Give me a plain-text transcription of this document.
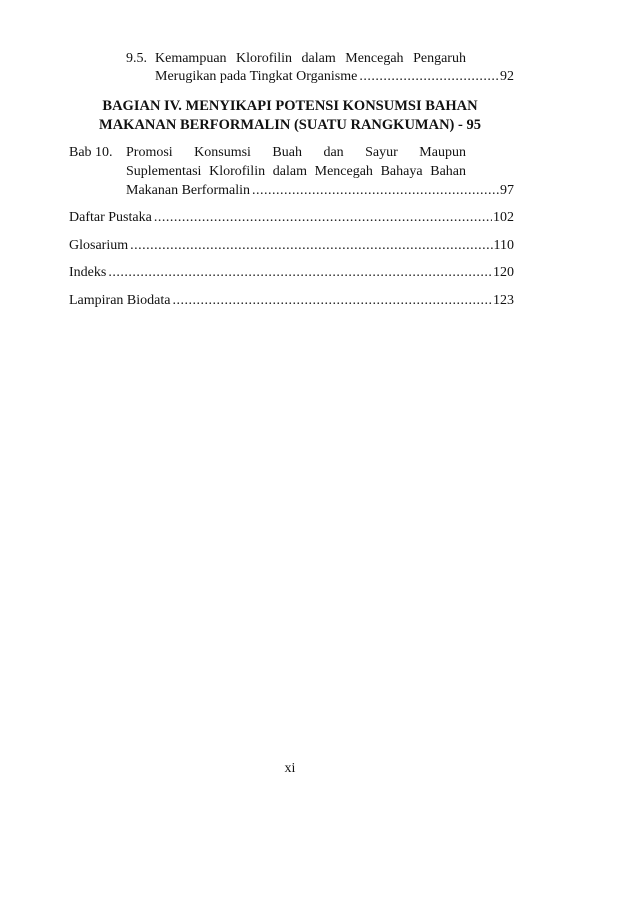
9.5. Kemampuan Klorofilin dalam Mencegah Pengaruh
Merugikan pada Tingkat Organisme .....	92
BAGIAN IV. MENYIKAPI POTENSI KONSUMSI BAHAN
MAKANAN BERFORMALIN (SUATU RANGKUMAN) - 95
Bab 10. Promosi Konsumsi Buah dan Sayur Maupun
Suplementasi Klorofilin dalam Mencegah Bahaya Bahan
Makanan Berformalin .....	97
Daftar Pustaka .....	102
Glosarium .....	110
Indeks .....	120
Lampiran Biodata .....	123
xi
